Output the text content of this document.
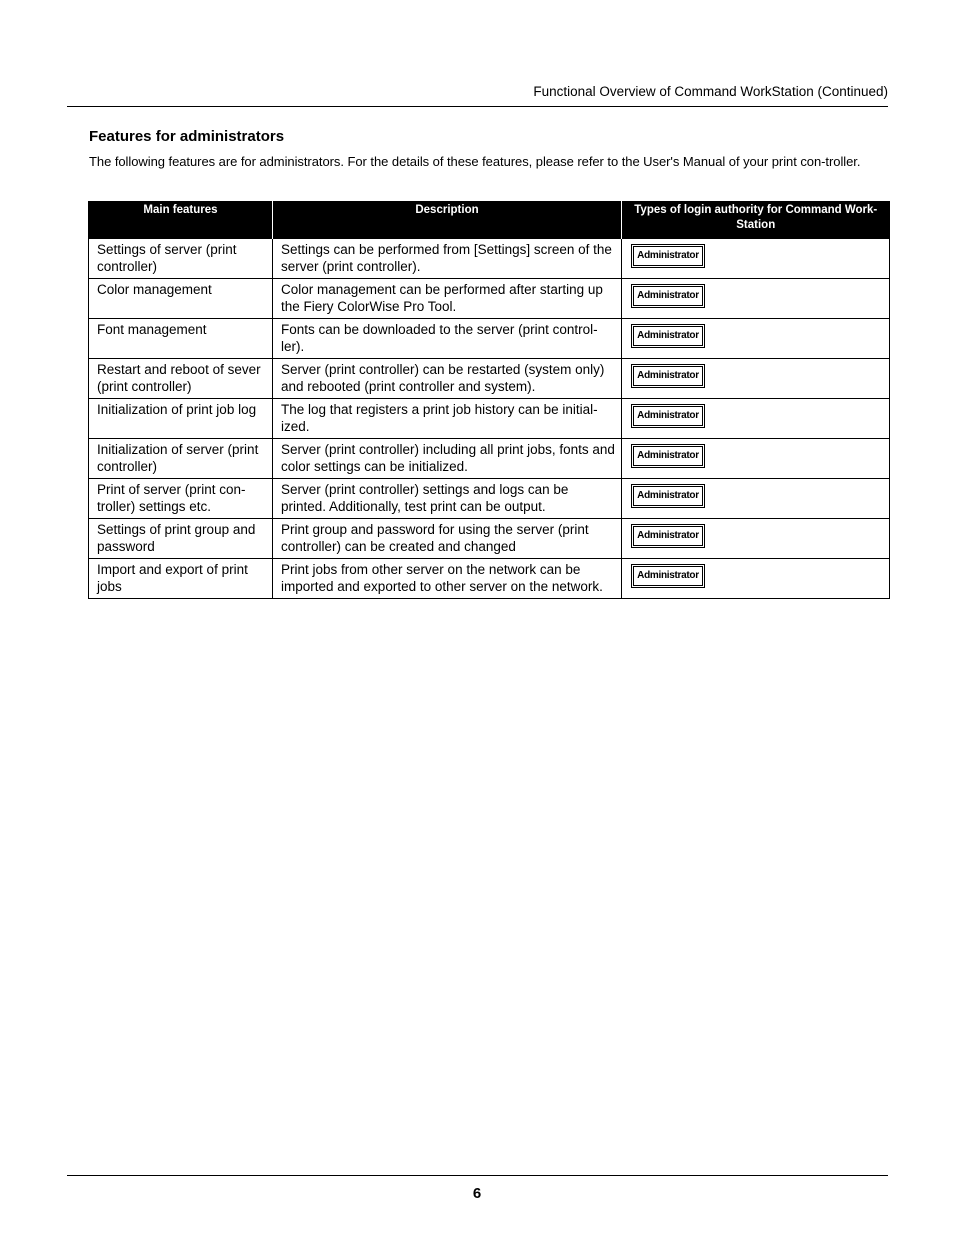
Functional Overview of Command WorkStation (Continued)
Features for administrators
The following features are for administrators. For the details of these features, please refer to the User's Manual of your print con-troller.
Main features	Description	Types of login authority for Command Work-Station
Settings of server (print controller)	Settings can be performed from [Settings] screen of the server (print controller).	Administrator
Color management	Color management can be performed after starting up the Fiery ColorWise Pro Tool.	Administrator
Font management	Fonts can be downloaded to the server (print control-ler).	Administrator
Restart and reboot of sever (print controller)	Server (print controller) can be restarted (system only) and rebooted (print controller and system).	Administrator
Initialization of print job log	The log that registers a print job history can be initial-ized.	Administrator
Initialization of server (print controller)	Server (print controller) including all print jobs, fonts and color settings can be initialized.	Administrator
Print of server (print con-troller) settings etc.	Server (print controller) settings and logs can be printed. Additionally, test print can be output.	Administrator
Settings of print group and password	Print group and password for using the server (print controller) can be created and changed	Administrator
Import and export of print jobs	Print jobs from other server on the network can be imported and exported to other server on the network.	Administrator
6
